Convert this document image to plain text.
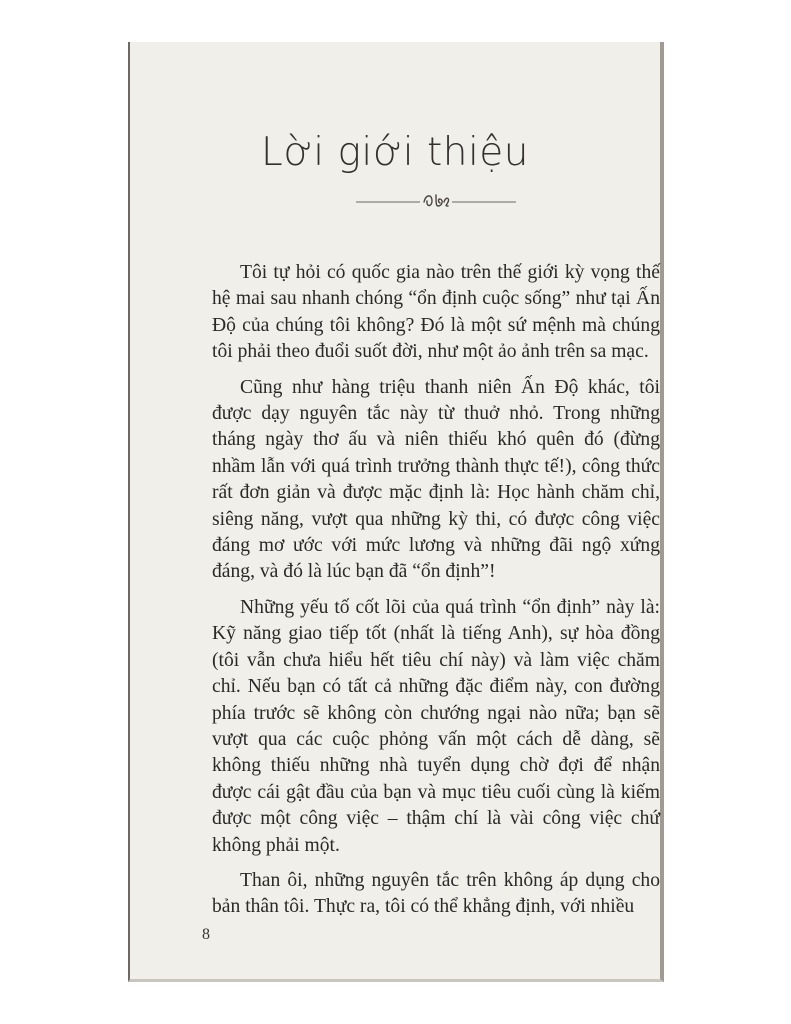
Lời giới thiệu

Tôi tự hỏi có quốc gia nào trên thế giới kỳ vọng thế hệ mai sau nhanh chóng “ổn định cuộc sống” như tại Ấn Độ của chúng tôi không? Đó là một sứ mệnh mà chúng tôi phải theo đuổi suốt đời, như một ảo ảnh trên sa mạc.

Cũng như hàng triệu thanh niên Ấn Độ khác, tôi được dạy nguyên tắc này từ thuở nhỏ. Trong những tháng ngày thơ ấu và niên thiếu khó quên đó (đừng nhầm lẫn với quá trình trưởng thành thực tế!), công thức rất đơn giản và được mặc định là: Học hành chăm chỉ, siêng năng, vượt qua những kỳ thi, có được công việc đáng mơ ước với mức lương và những đãi ngộ xứng đáng, và đó là lúc bạn đã “ổn định”!

Những yếu tố cốt lõi của quá trình “ổn định” này là: Kỹ năng giao tiếp tốt (nhất là tiếng Anh), sự hòa đồng (tôi vẫn chưa hiểu hết tiêu chí này) và làm việc chăm chỉ. Nếu bạn có tất cả những đặc điểm này, con đường phía trước sẽ không còn chướng ngại nào nữa; bạn sẽ vượt qua các cuộc phỏng vấn một cách dễ dàng, sẽ không thiếu những nhà tuyển dụng chờ đợi để nhận được cái gật đầu của bạn và mục tiêu cuối cùng là kiếm được một công việc – thậm chí là vài công việc chứ không phải một.

Than ôi, những nguyên tắc trên không áp dụng cho bản thân tôi. Thực ra, tôi có thể khẳng định, với nhiều

8
